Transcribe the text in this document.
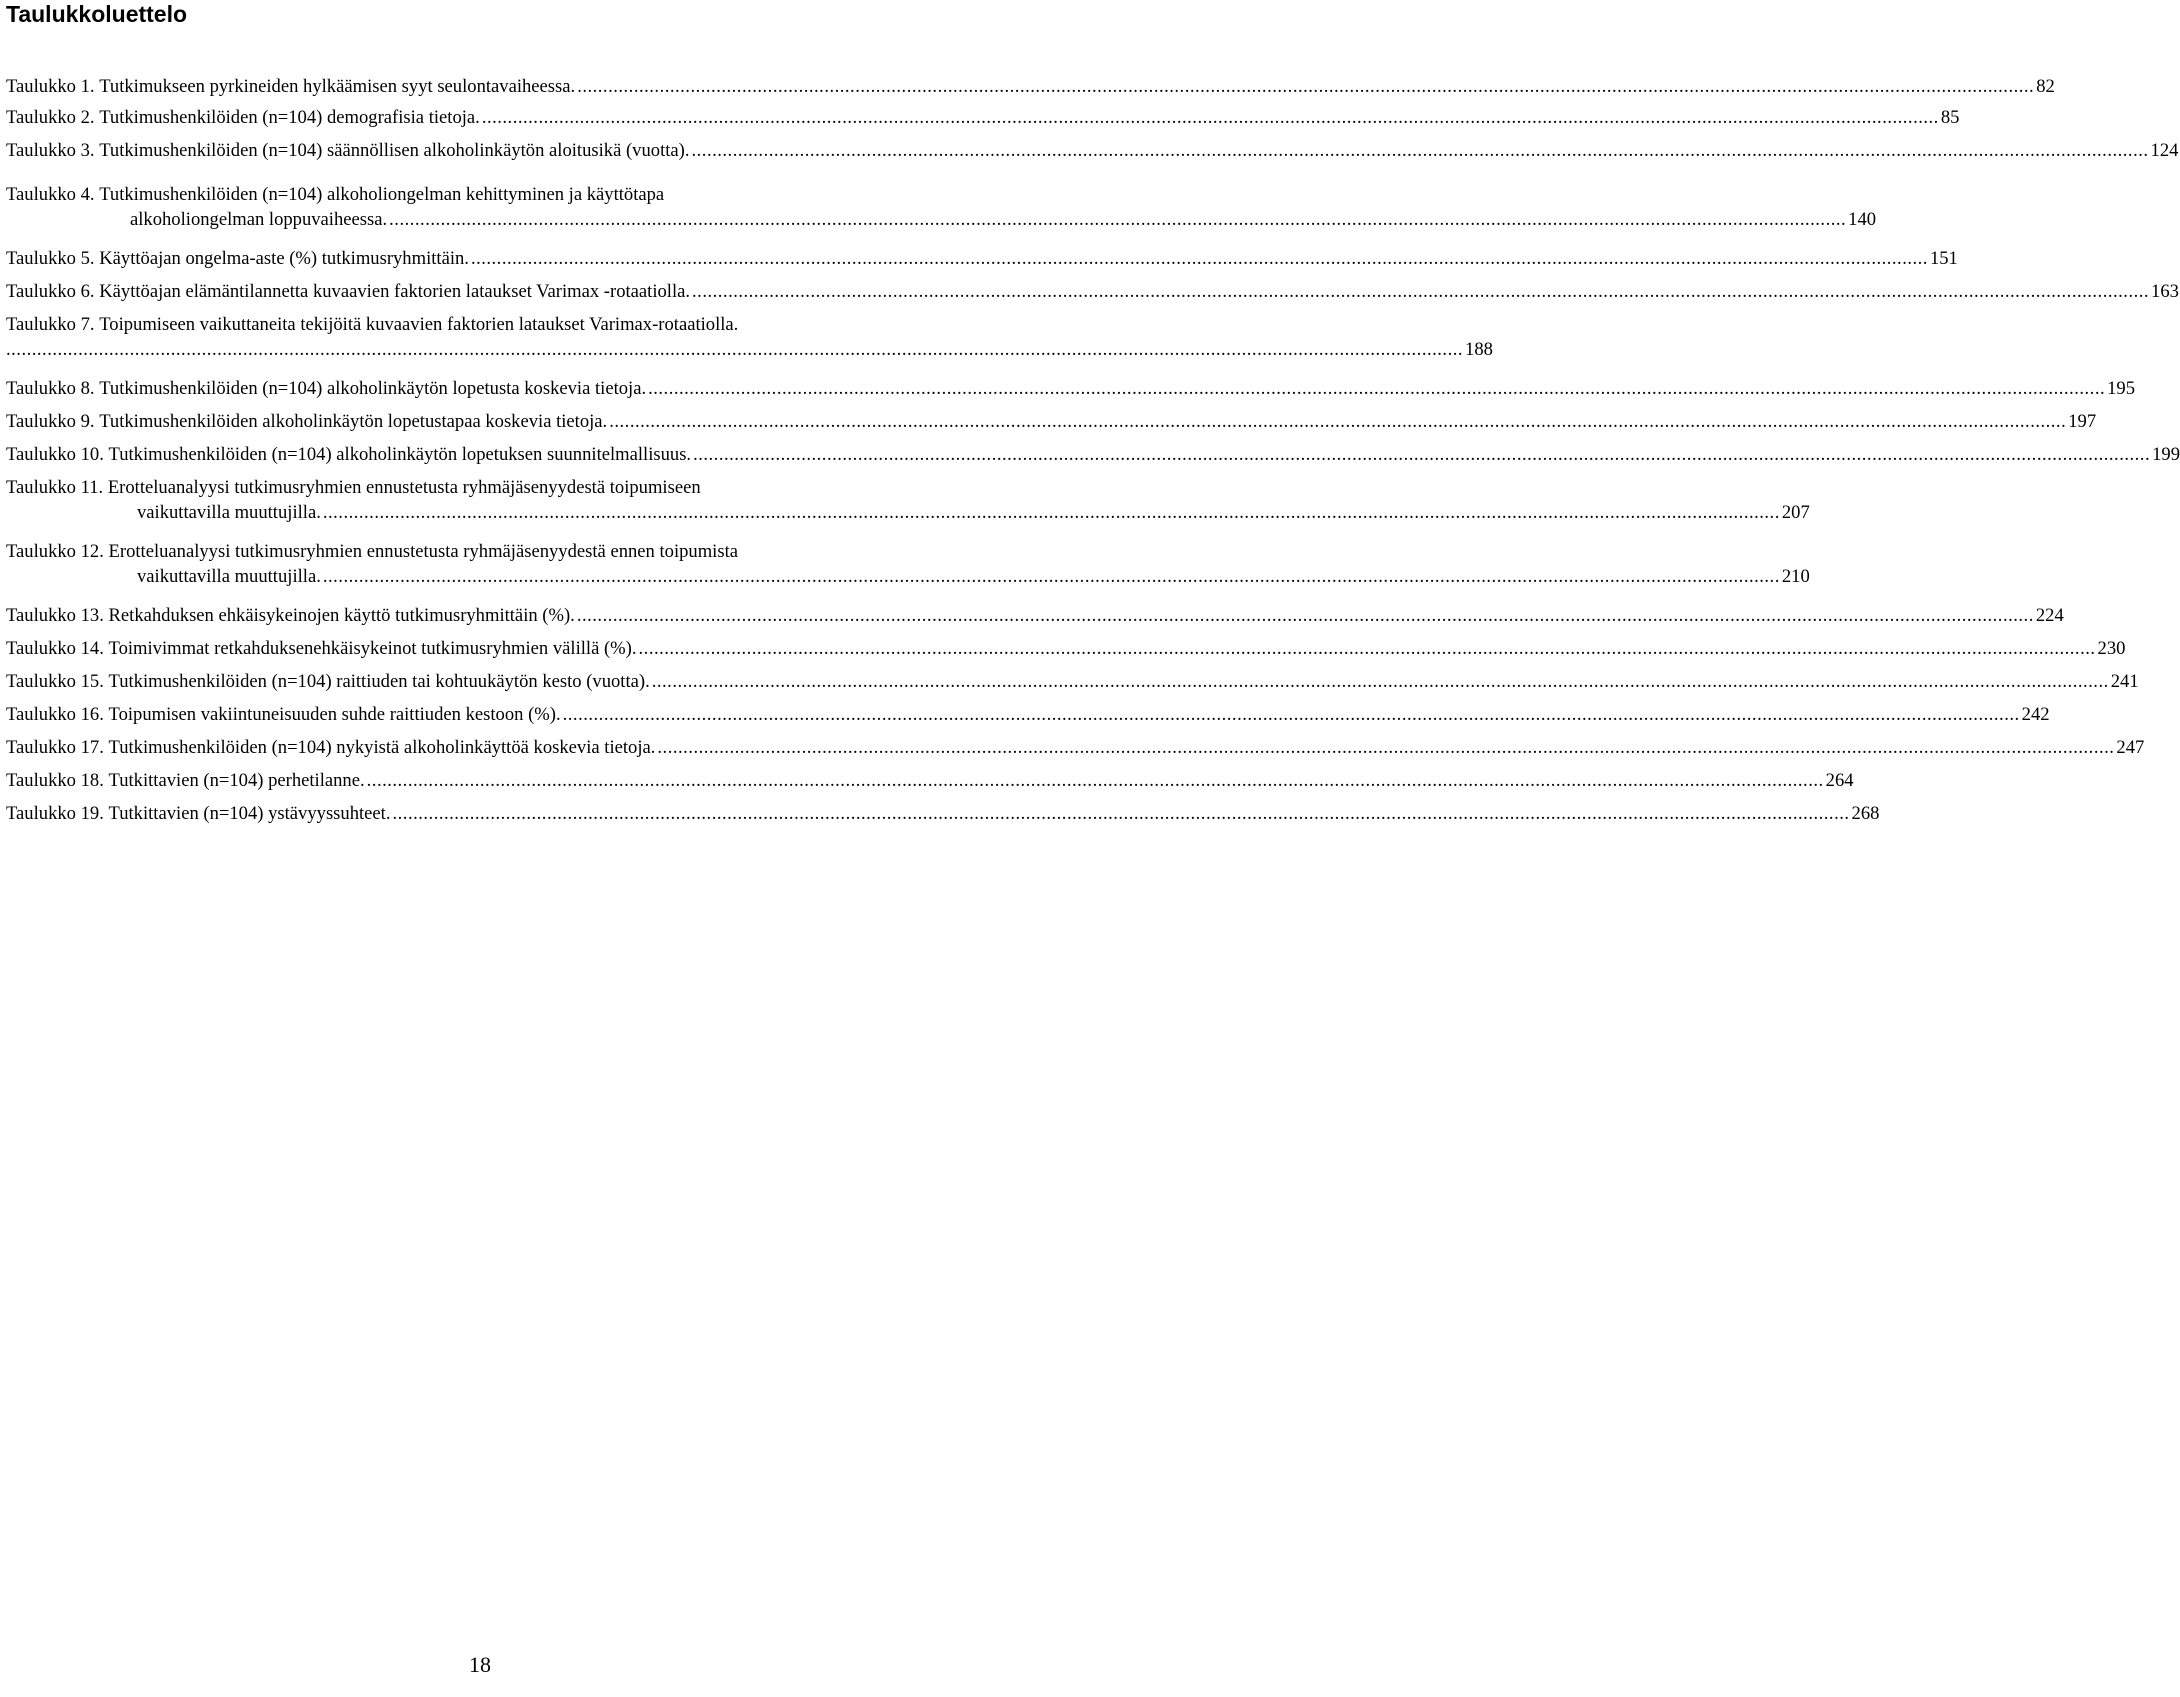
Taulukkoluettelo
Taulukko 1.
Tutkimukseen pyrkineiden hylkäämisen syyt seulontavaiheessa. .....	82
Taulukko 2.
Tutkimushenkilöiden (n=104) demografisia tietoja. .....	85
Taulukko 3.
Tutkimushenkilöiden (n=104) säännöllisen alkoholinkäytön aloitusikä (vuotta). .....	124
Taulukko 4.
Tutkimushenkilöiden (n=104) alkoholiongelman kehittyminen ja käyttötapa
alkoholiongelman loppuvaiheessa. .....	140
Taulukko 5.
Käyttöajan ongelma-aste (%) tutkimusryhmittäin. .....	151
Taulukko 6.
Käyttöajan elämäntilannetta kuvaavien faktorien lataukset Varimax -rotaatiolla. .....	163
Taulukko 7.
Toipumiseen vaikuttaneita tekijöitä kuvaavien faktorien lataukset Varimax-rotaatiolla.
.....
188
Taulukko 8.
Tutkimushenkilöiden (n=104) alkoholinkäytön lopetusta koskevia tietoja. .....	195
Taulukko 9.
Tutkimushenkilöiden alkoholinkäytön lopetustapaa koskevia tietoja. .....	197
Taulukko 10.
Tutkimushenkilöiden (n=104) alkoholinkäytön lopetuksen suunnitelmallisuus. .....	199
Taulukko 11.
Erotteluanalyysi tutkimusryhmien ennustetusta ryhmäjäsenyydestä toipumiseen
vaikuttavilla muuttujilla. .....	207
Taulukko 12.
Erotteluanalyysi tutkimusryhmien ennustetusta ryhmäjäsenyydestä ennen toipumista
vaikuttavilla muuttujilla. .....	210
Taulukko 13.
Retkahduksen ehkäisykeinojen käyttö tutkimusryhmittäin (%). .....	224
Taulukko 14.
Toimivimmat retkahduksenehkäisykeinot tutkimusryhmien välillä (%). .....	230
Taulukko 15.
Tutkimushenkilöiden (n=104) raittiuden tai kohtuukäytön kesto (vuotta). .....	241
Taulukko 16.
Toipumisen vakiintuneisuuden suhde raittiuden kestoon (%). .....	242
Taulukko 17.
Tutkimushenkilöiden (n=104) nykyistä alkoholinkäyttöä koskevia tietoja. .....	247
Taulukko 18.
Tutkittavien (n=104) perhetilanne. .....	264
Taulukko 19.
Tutkittavien (n=104) ystävyyssuhteet. .....	268
18
